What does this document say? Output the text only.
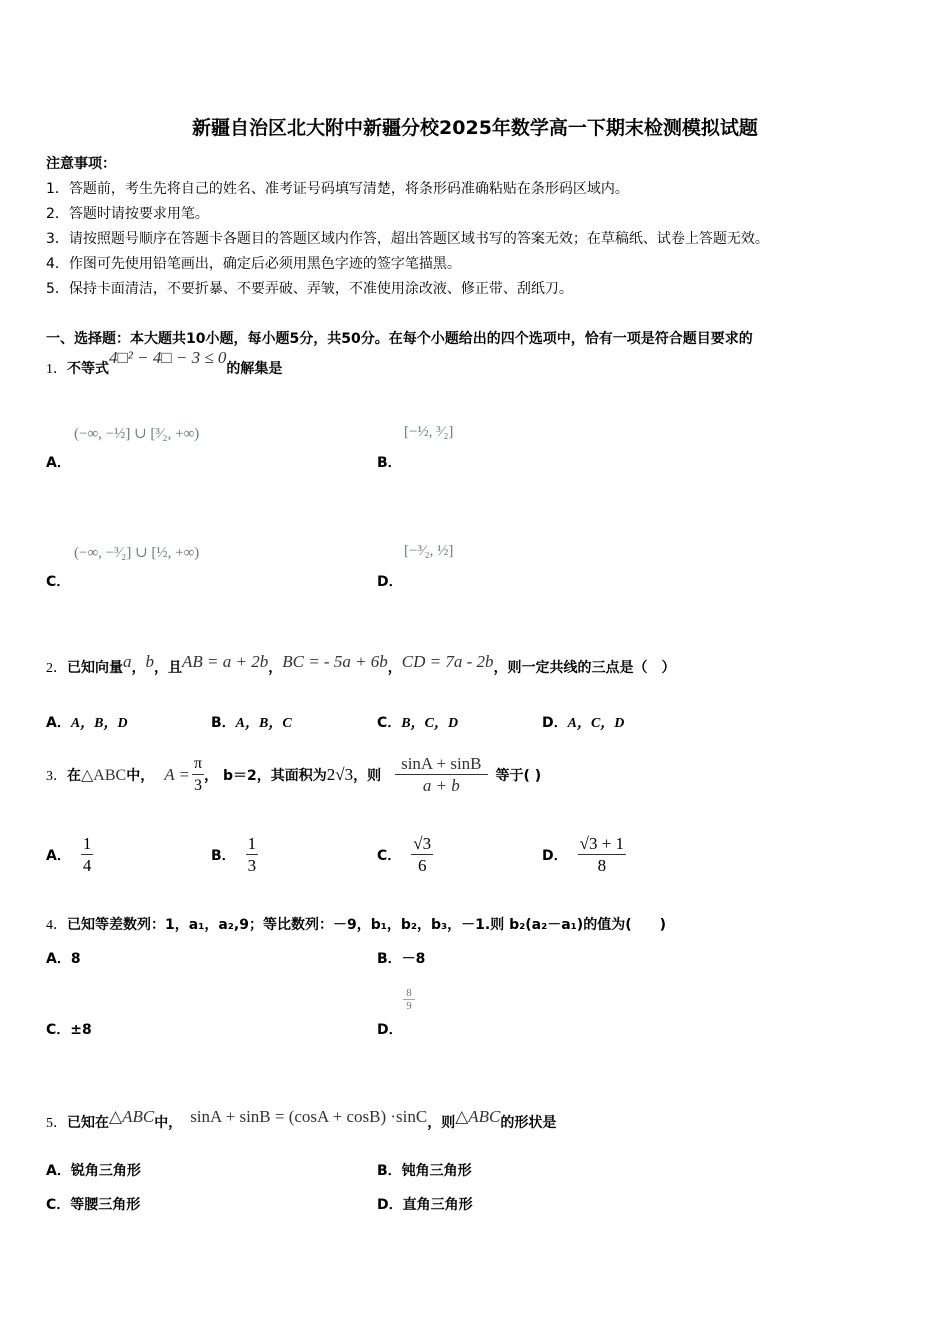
新疆自治区北大附中新疆分校2025年数学高一下期末检测模拟试题
注意事项：
1．答题前，考生先将自己的姓名、准考证号码填写清楚，将条形码准确粘贴在条形码区域内。
2．答题时请按要求用笔。
3．请按照题号顺序在答题卡各题目的答题区域内作答，超出答题区域书写的答案无效；在草稿纸、试卷上答题无效。
4．作图可先使用铅笔画出，确定后必须用黑色字迹的签字笔描黑。
5．保持卡面清洁，不要折暴、不要弄破、弄皱，不准使用涂改液、修正带、刮纸刀。
一、选择题：本大题共10小题，每小题5分，共50分。在每个小题给出的四个选项中，恰有一项是符合题目要求的
1．不等式4□² − 4□ − 3 ≤ 0的解集是
(−∞, −½] ∪ [³⁄₂, +∞)
A．
[−½, ³⁄₂]
B．
(−∞, −³⁄₂] ∪ [½, +∞)
C．
[−³⁄₂, ½]
D．
2．已知向量a，b，且AB = a + 2b，BC = - 5a + 6b，CD = 7a - 2b，则一定共线的三点是（　）
A．A，B，D	B．A，B，C	C．B，C，D	D．A，C，D
3． 在 △ABC 中， $A = \frac{\pi}{3}$ ， b＝2，其面积为 2√3 ，则 $\frac{\sin A + \sin B}{a + b}$ 等于( )
A． $\frac{1}{4}$	B． $\frac{1}{3}$	C． $\frac{√3}{6}$	D． $\frac{√3 + 1}{8}$
4．已知等差数列：1，a₁，a₂,9；等比数列：－9，b₁，b₂，b₃，－1.则 b₂(a₂－a₁)的值为(　　)
A．8	B．－8
C．±8
$\frac{8}{9}$
D．
5．已知在△ABC中， sinA + sinB = (cosA + cosB) ·sinC，则△ABC的形状是
A．锐角三角形	B．钝角三角形
C．等腰三角形	D．直角三角形
